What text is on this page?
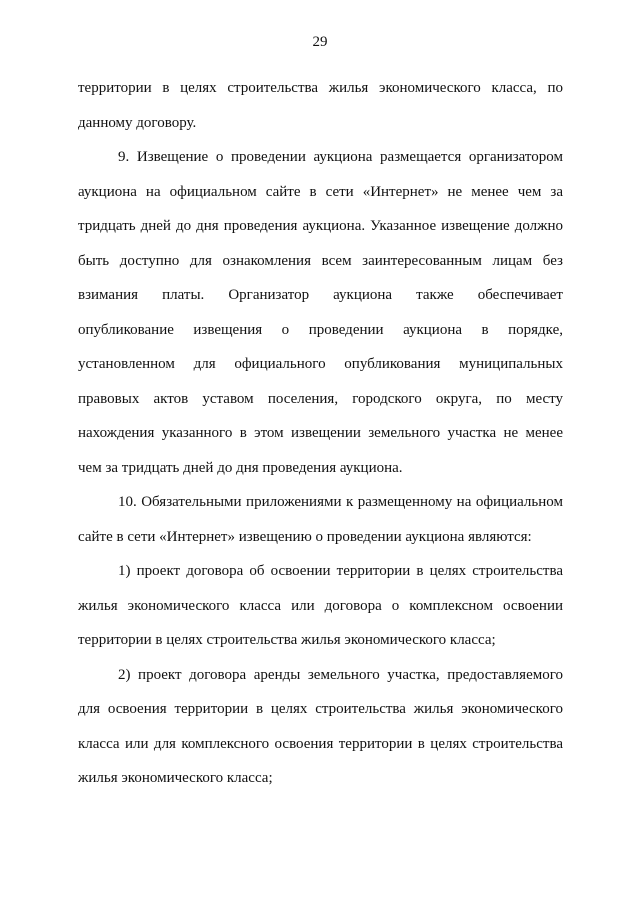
29

территории в целях строительства жилья экономического класса, по
данному договору.

9. Извещение о проведении аукциона размещается организатором
аукциона на официальном сайте в сети «Интернет» не менее чем за
тридцать дней до дня проведения аукциона. Указанное извещение должно
быть доступно для ознакомления всем заинтересованным лицам без
взимания платы. Организатор аукциона также обеспечивает
опубликование извещения о проведении аукциона в порядке,
установленном для официального опубликования муниципальных
правовых актов уставом поселения, городского округа, по месту
нахождения указанного в этом извещении земельного участка не менее
чем за тридцать дней до дня проведения аукциона.

10. Обязательными приложениями к размещенному на официальном
сайте в сети «Интернет» извещению о проведении аукциона являются:

1) проект договора об освоении территории в целях строительства
жилья экономического класса или договора о комплексном освоении
территории в целях строительства жилья экономического класса;

2) проект договора аренды земельного участка, предоставляемого
для освоения территории в целях строительства жилья экономического
класса или для комплексного освоения территории в целях строительства
жилья экономического класса;
